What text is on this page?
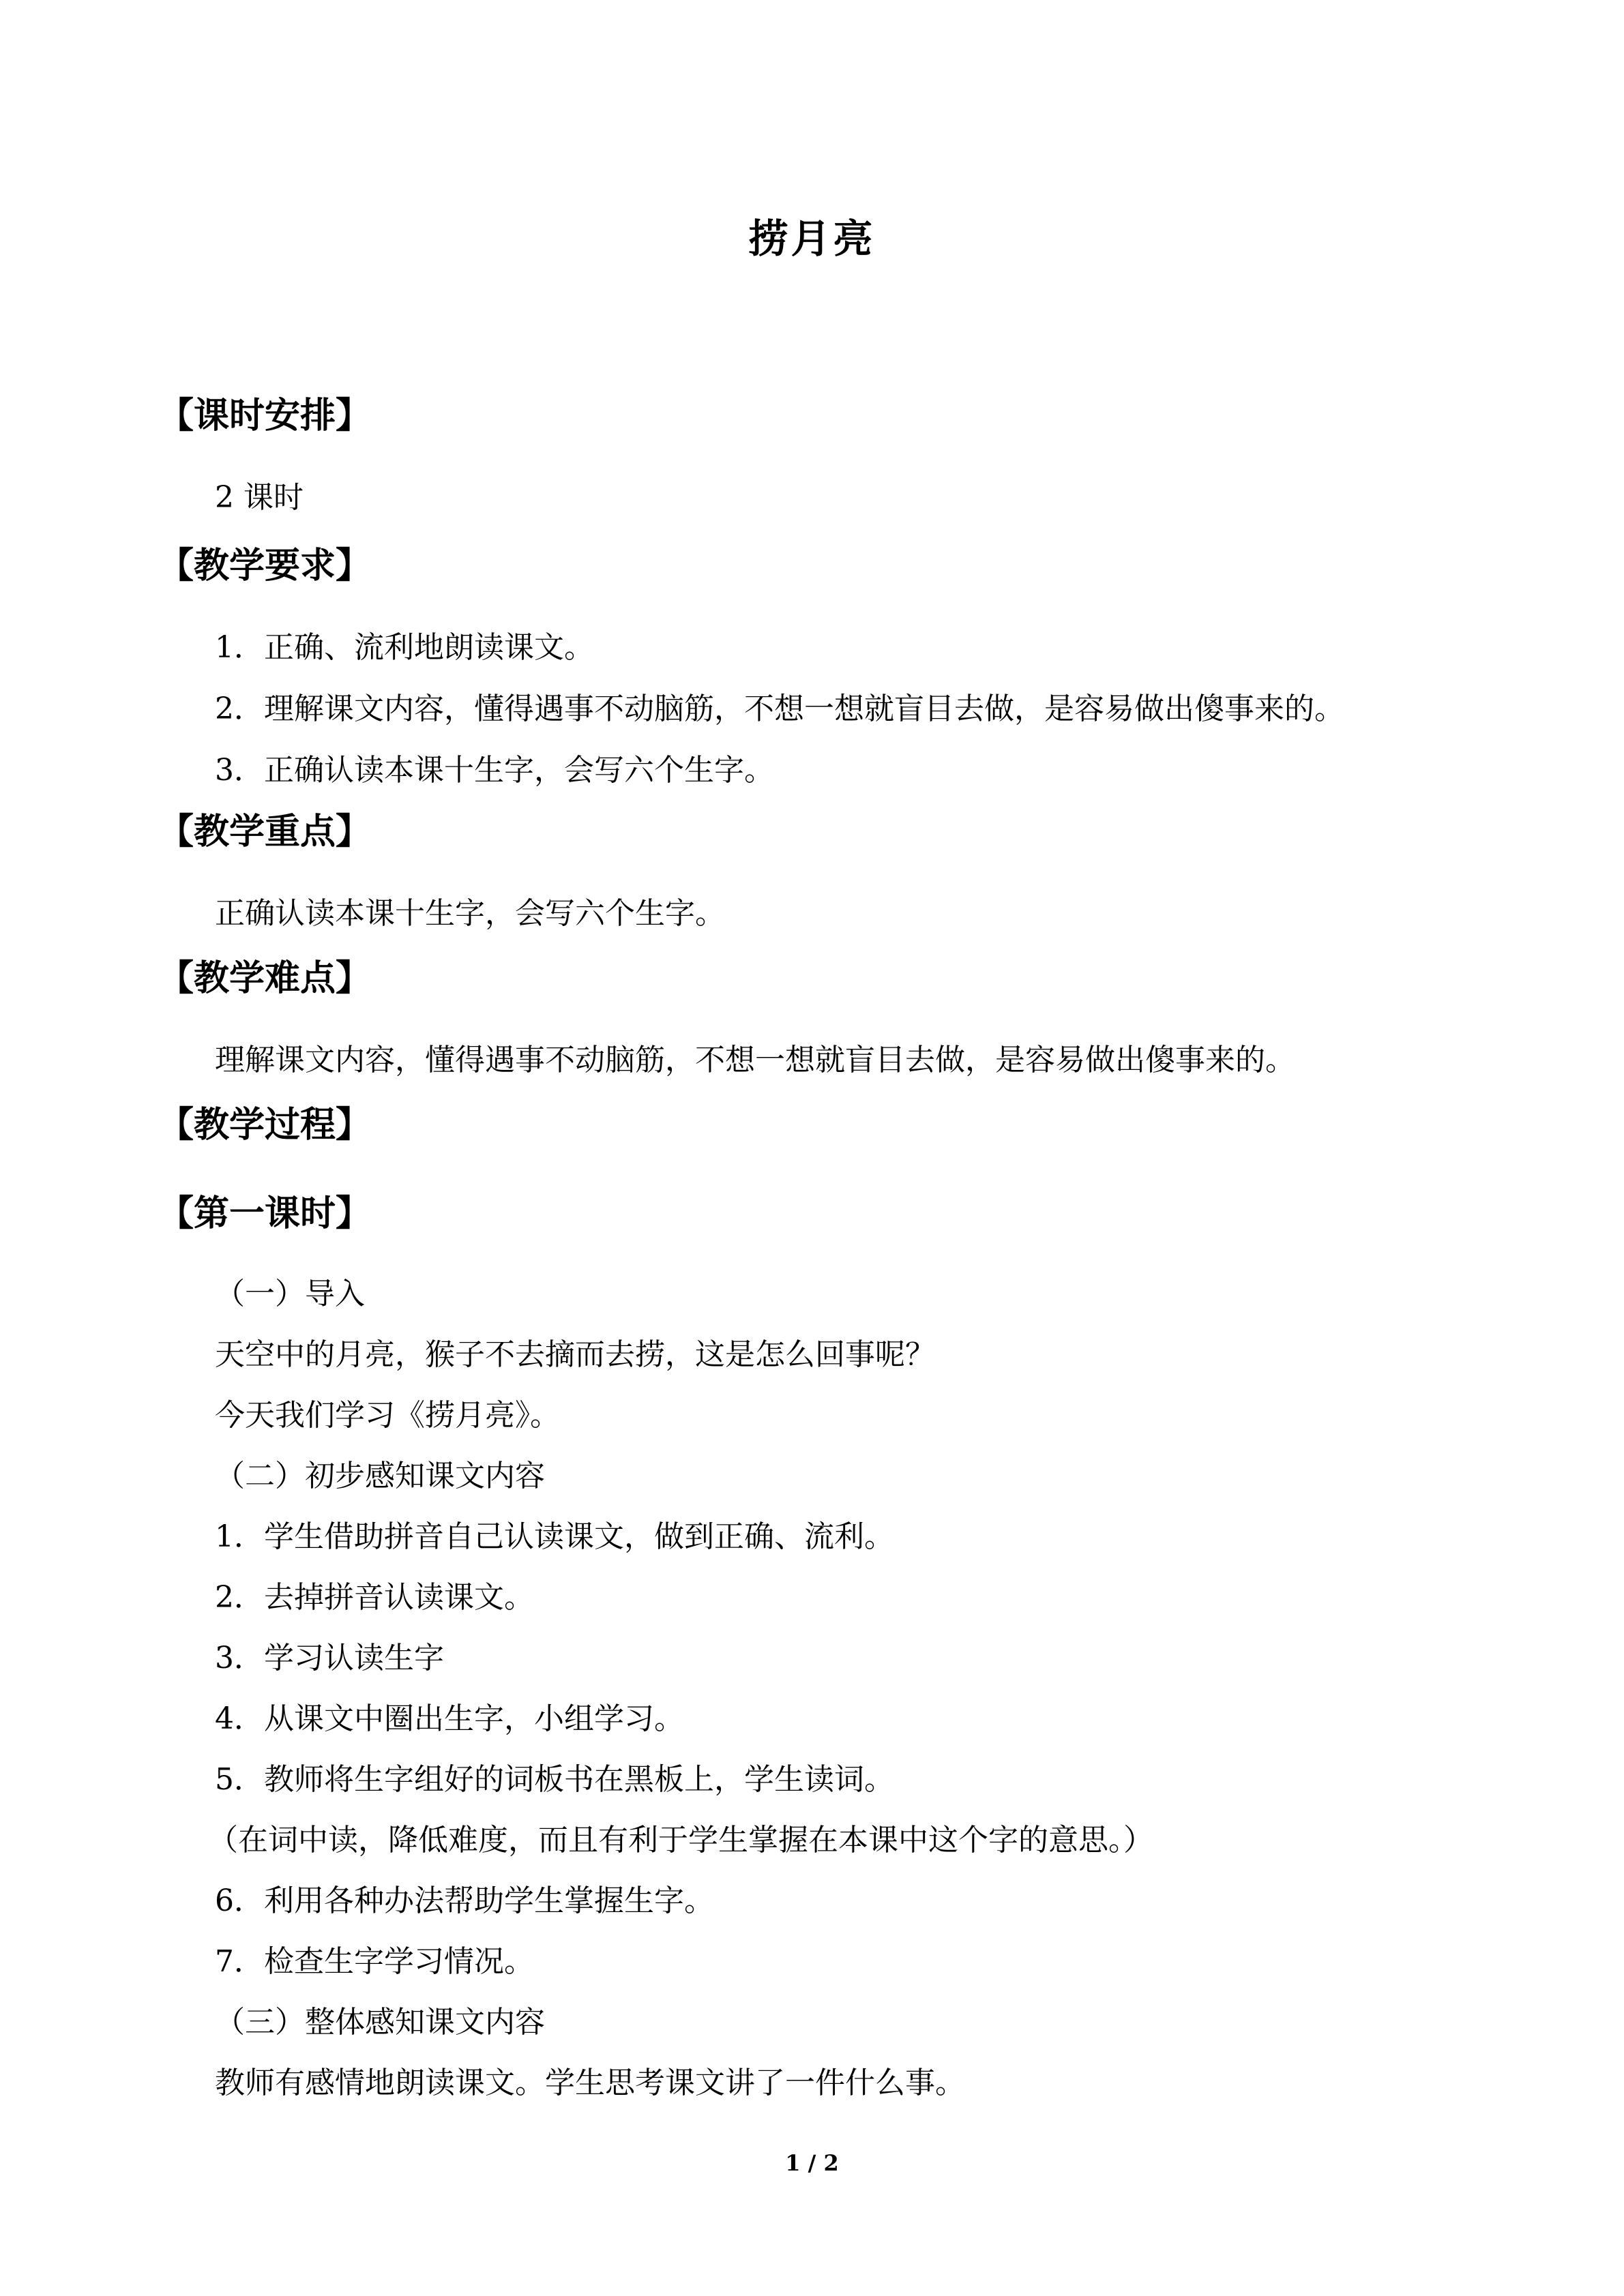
捞月亮
【课时安排】
2 课时
【教学要求】
1．正确、流利地朗读课文。
2．理解课文内容，懂得遇事不动脑筋，不想一想就盲目去做，是容易做出傻事来的。
3．正确认读本课十生字，会写六个生字。
【教学重点】
正确认读本课十生字，会写六个生字。
【教学难点】
理解课文内容，懂得遇事不动脑筋，不想一想就盲目去做，是容易做出傻事来的。
【教学过程】
【第一课时】
（一）导入
天空中的月亮，猴子不去摘而去捞，这是怎么回事呢？
今天我们学习《捞月亮》。
（二）初步感知课文内容
1．学生借助拼音自己认读课文，做到正确、流利。
2．去掉拼音认读课文。
3．学习认读生字
4．从课文中圈出生字，小组学习。
5．教师将生字组好的词板书在黑板上，学生读词。
（在词中读，降低难度，而且有利于学生掌握在本课中这个字的意思。）
6．利用各种办法帮助学生掌握生字。
7．检查生字学习情况。
（三）整体感知课文内容
教师有感情地朗读课文。学生思考课文讲了一件什么事。
1 / 2
